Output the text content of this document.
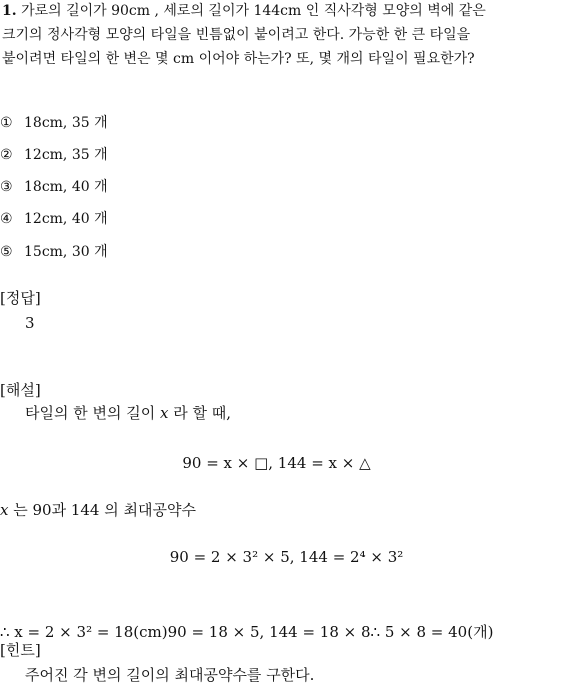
1. 가로의 길이가 90cm , 세로의 길이가 144cm 인 직사각형 모양의 벽에 같은
크기의 정사각형 모양의 타일을 빈틈없이 붙이려고 한다. 가능한 한 큰 타일을
붙이려면 타일의 한 변은 몇 cm 이어야 하는가? 또, 몇 개의 타일이 필요한가?
① 18cm, 35 개
② 12cm, 35 개
③ 18cm, 40 개
④ 12cm, 40 개
⑤ 15cm, 30 개
[정답]
3
[해설]
타일의 한 변의 길이 x 라 할 때,
90 = x × □, 144 = x × △
x 는 90과 144 의 최대공약수
90 = 2 × 3² × 5, 144 = 2⁴ × 3²
∴ x = 2 × 3² = 18(cm)90 = 18 × 5, 144 = 18 × 8∴ 5 × 8 = 40(개)
[힌트]
주어진 각 변의 길이의 최대공약수를 구한다.
